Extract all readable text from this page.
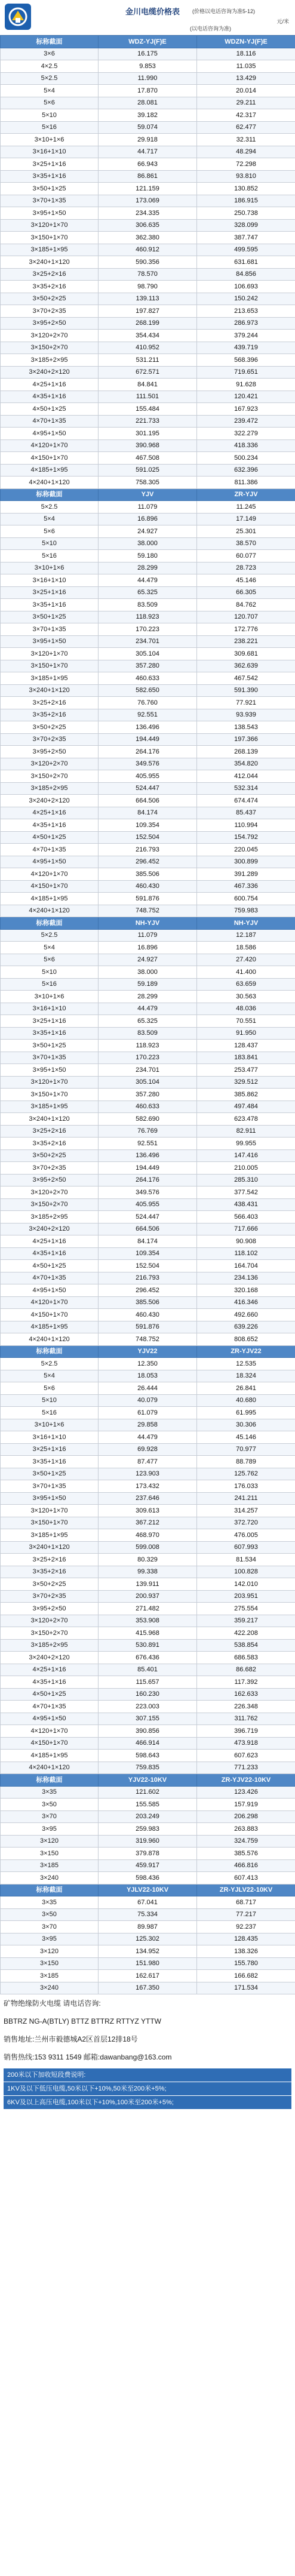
金川电缆价格表 (价格以电话咨询为准5-12)
元/米
(以电话咨询为准)
标称截面	WDZ-YJ(F)E	WDZN-YJ(F)E
3×6	16.175	18.116
4×2.5	9.853	11.035
5×2.5	11.990	13.429
5×4	17.870	20.014
5×6	28.081	29.211
5×10	39.182	42.317
5×16	59.074	62.477
3×10+1×6	29.918	32.311
3×16+1×10	44.717	48.294
3×25+1×16	66.943	72.298
3×35+1×16	86.861	93.810
3×50+1×25	121.159	130.852
3×70+1×35	173.069	186.915
3×95+1×50	234.335	250.738
3×120+1×70	306.635	328.099
3×150+1×70	362.380	387.747
3×185+1×95	460.912	499.595
3×240+1×120	590.356	631.681
3×25+2×16	78.570	84.856
3×35+2×16	98.790	106.693
3×50+2×25	139.113	150.242
3×70+2×35	197.827	213.653
3×95+2×50	268.199	286.973
3×120+2×70	354.434	379.244
3×150+2×70	410.952	439.719
3×185+2×95	531.211	568.396
3×240+2×120	672.571	719.651
4×25+1×16	84.841	91.628
4×35+1×16	111.501	120.421
4×50+1×25	155.484	167.923
4×70+1×35	221.733	239.472
4×95+1×50	301.195	322.279
4×120+1×70	390.968	418.336
4×150+1×70	467.508	500.234
4×185+1×95	591.025	632.396
4×240+1×120	758.305	811.386
标称截面	YJV	ZR-YJV
5×2.5	11.079	11.245
5×4	16.896	17.149
5×6	24.927	25.301
5×10	38.000	38.570
5×16	59.180	60.077
3×10+1×6	28.299	28.723
3×16+1×10	44.479	45.146
3×25+1×16	65.325	66.305
3×35+1×16	83.509	84.762
3×50+1×25	118.923	120.707
3×70+1×35	170.223	172.776
3×95+1×50	234.701	238.221
3×120+1×70	305.104	309.681
3×150+1×70	357.280	362.639
3×185+1×95	460.633	467.542
3×240+1×120	582.650	591.390
3×25+2×16	76.760	77.921
3×35+2×16	92.551	93.939
3×50+2×25	136.496	138.543
3×70+2×35	194.449	197.366
3×95+2×50	264.176	268.139
3×120+2×70	349.576	354.820
3×150+2×70	405.955	412.044
3×185+2×95	524.447	532.314
3×240+2×120	664.506	674.474
4×25+1×16	84.174	85.437
4×35+1×16	109.354	110.994
4×50+1×25	152.504	154.792
4×70+1×35	216.793	220.045
4×95+1×50	296.452	300.899
4×120+1×70	385.506	391.289
4×150+1×70	460.430	467.336
4×185+1×95	591.876	600.754
4×240+1×120	748.752	759.983
标称截面	NH-YJV	NH-YJV
5×2.5	11.079	12.187
5×4	16.896	18.586
5×6	24.927	27.420
5×10	38.000	41.400
5×16	59.189	63.659
3×10+1×6	28.299	30.563
3×16+1×10	44.479	48.036
3×25+1×16	65.325	70.551
3×35+1×16	83.509	91.950
3×50+1×25	118.923	128.437
3×70+1×35	170.223	183.841
3×95+1×50	234.701	253.477
3×120+1×70	305.104	329.512
3×150+1×70	357.280	385.862
3×185+1×95	460.633	497.484
3×240+1×120	582.690	623.478
3×25+2×16	76.769	82.911
3×35+2×16	92.551	99.955
3×50+2×25	136.496	147.416
3×70+2×35	194.449	210.005
3×95+2×50	264.176	285.310
3×120+2×70	349.576	377.542
3×150+2×70	405.955	438.431
3×185+2×95	524.447	566.403
3×240+2×120	664.506	717.666
4×25+1×16	84.174	90.908
4×35+1×16	109.354	118.102
4×50+1×25	152.504	164.704
4×70+1×35	216.793	234.136
4×95+1×50	296.452	320.168
4×120+1×70	385.506	416.346
4×150+1×70	460.430	492.660
4×185+1×95	591.876	639.226
4×240+1×120	748.752	808.652
标称截面	YJV22	ZR-YJV22
5×2.5	12.350	12.535
5×4	18.053	18.324
5×6	26.444	26.841
5×10	40.079	40.680
5×16	61.079	61.995
3×10+1×6	29.858	30.306
3×16+1×10	44.479	45.146
3×25+1×16	69.928	70.977
3×35+1×16	87.477	88.789
3×50+1×25	123.903	125.762
3×70+1×35	173.432	176.033
3×95+1×50	237.646	241.211
3×120+1×70	309.613	314.257
3×150+1×70	367.212	372.720
3×185+1×95	468.970	476.005
3×240+1×120	599.008	607.993
3×25+2×16	80.329	81.534
3×35+2×16	99.338	100.828
3×50+2×25	139.911	142.010
3×70+2×35	200.937	203.951
3×95+2×50	271.482	275.554
3×120+2×70	353.908	359.217
3×150+2×70	415.968	422.208
3×185+2×95	530.891	538.854
3×240+2×120	676.436	686.583
4×25+1×16	85.401	86.682
4×35+1×16	115.657	117.392
4×50+1×25	160.230	162.633
4×70+1×35	223.003	226.348
4×95+1×50	307.155	311.762
4×120+1×70	390.856	396.719
4×150+1×70	466.914	473.918
4×185+1×95	598.643	607.623
4×240+1×120	759.835	771.233
标称截面	YJV22-10KV	ZR-YJV22-10KV
3×35	121.602	123.426
3×50	155.585	157.919
3×70	203.249	206.298
3×95	259.983	263.883
3×120	319.960	324.759
3×150	379.878	385.576
3×185	459.917	466.816
3×240	598.436	607.413
标称截面	YJLV22-10KV	ZR-YJLV22-10KV
3×35	67.041	68.717
3×50	75.334	77.217
3×70	89.987	92.237
3×95	125.302	128.435
3×120	134.952	138.326
3×150	151.980	155.780
3×185	162.617	166.682
3×240	167.350	171.534
矿物绝缘防火电缆 请电话咨询:
BBTRZ NG-A(BTLY) BTTZ BTTRZ RTTYZ YTTW
销售地址:兰州市毅德城A2区首层12排18号
销售热线:153 9311 1549 邮箱:dawanbang@163.com
200米以下加收短段费说明:
1KV及以下低压电缆,50米以下+10%,50米至200米+5%;
6KV及以上高压电缆,100米以下+10%,100米至200米+5%;
